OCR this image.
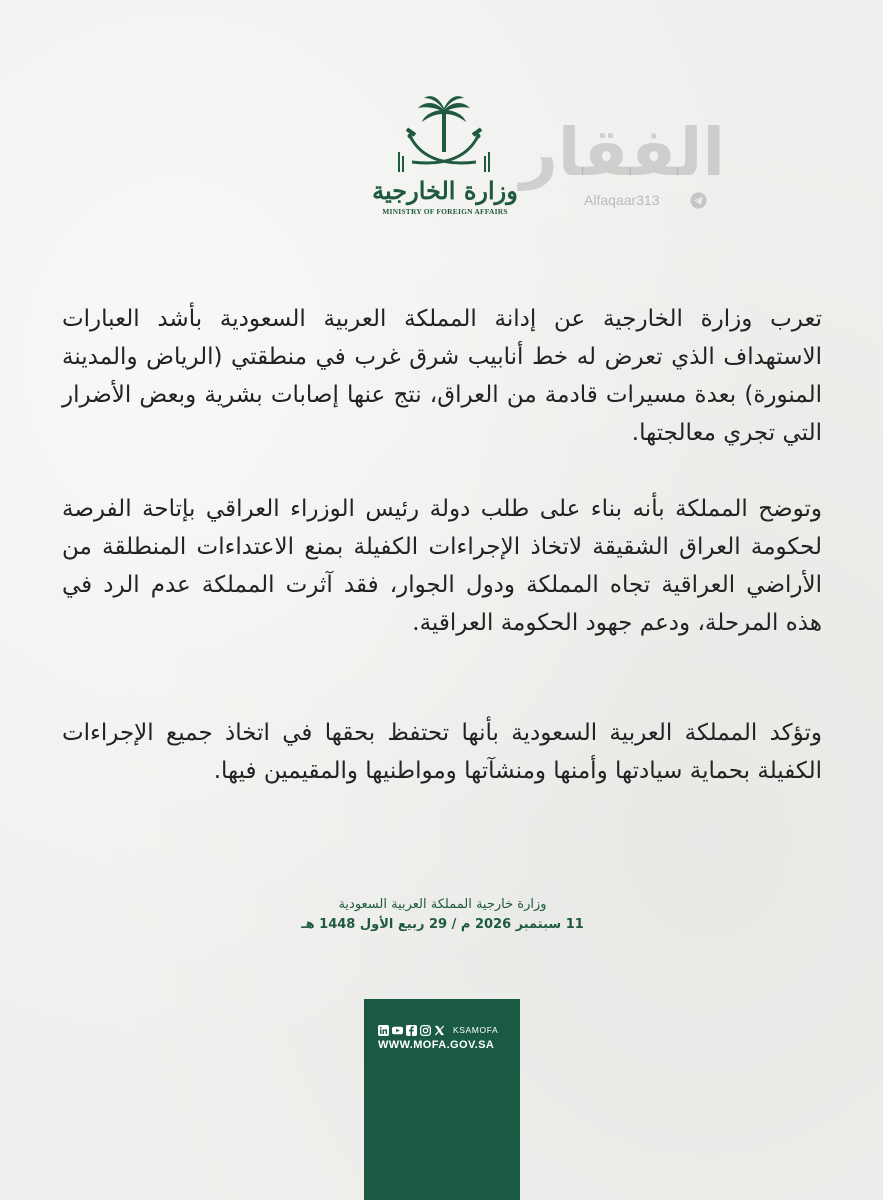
وزارة الخارجية
MINISTRY OF FOREIGN AFFAIRS
الفقار
Alfaqaar313

تعرب وزارة الخارجية عن إدانة المملكة العربية السعودية بأشد العبارات الاستهداف الذي تعرض له خط أنابيب شرق غرب في منطقتي (الرياض والمدينة المنورة) بعدة مسيرات قادمة من العراق، نتج عنها إصابات بشرية وبعض الأضرار التي تجري معالجتها.

وتوضح المملكة بأنه بناء على طلب دولة رئيس الوزراء العراقي بإتاحة الفرصة لحكومة العراق الشقيقة لاتخاذ الإجراءات الكفيلة بمنع الاعتداءات المنطلقة من الأراضي العراقية تجاه المملكة ودول الجوار، فقد آثرت المملكة عدم الرد في هذه المرحلة، ودعم جهود الحكومة العراقية.

وتؤكد المملكة العربية السعودية بأنها تحتفظ بحقها في اتخاذ جميع الإجراءات الكفيلة بحماية سيادتها وأمنها ومنشآتها ومواطنيها والمقيمين فيها.

وزارة خارجية المملكة العربية السعودية
11 سبتمبر 2026 م / 29 ربيع الأول 1448 هـ
KSAMOFA
WWW.MOFA.GOV.SA
